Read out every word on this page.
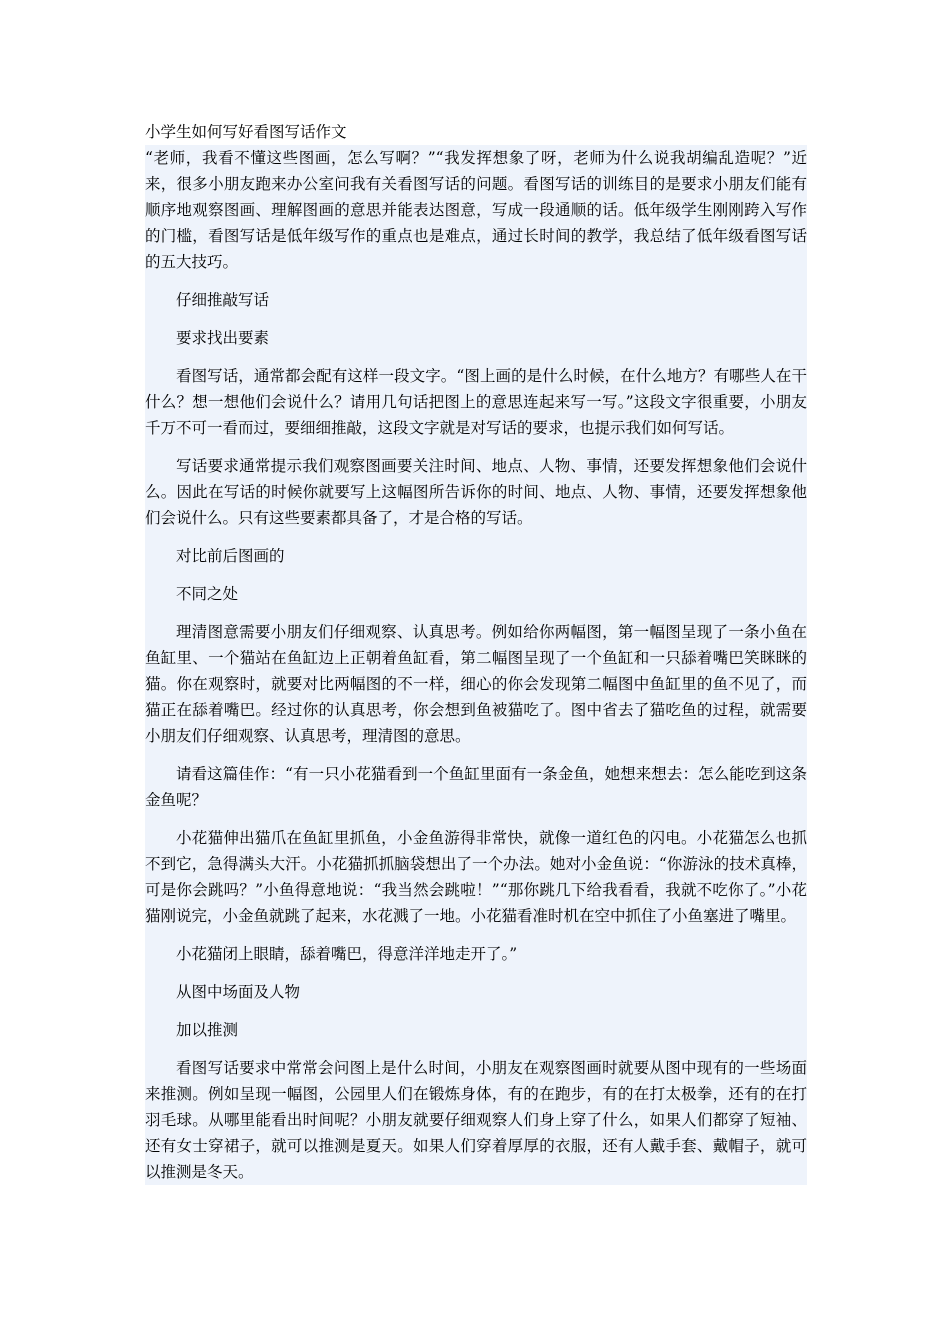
小学生如何写好看图写话作文

“老师，我看不懂这些图画，怎么写啊？”“我发挥想象了呀，老师为什么说我胡编乱造呢？”近来，很多小朋友跑来办公室问我有关看图写话的问题。看图写话的训练目的是要求小朋友们能有顺序地观察图画、理解图画的意思并能表达图意，写成一段通顺的话。低年级学生刚刚跨入写作的门槛，看图写话是低年级写作的重点也是难点，通过长时间的教学，我总结了低年级看图写话的五大技巧。

仔细推敲写话

要求找出要素

看图写话，通常都会配有这样一段文字。“图上画的是什么时候，在什么地方？有哪些人在干什么？想一想他们会说什么？请用几句话把图上的意思连起来写一写。”这段文字很重要，小朋友千万不可一看而过，要细细推敲，这段文字就是对写话的要求，也提示我们如何写话。

写话要求通常提示我们观察图画要关注时间、地点、人物、事情，还要发挥想象他们会说什么。因此在写话的时候你就要写上这幅图所告诉你的时间、地点、人物、事情，还要发挥想象他们会说什么。只有这些要素都具备了，才是合格的写话。

对比前后图画的

不同之处

理清图意需要小朋友们仔细观察、认真思考。例如给你两幅图，第一幅图呈现了一条小鱼在鱼缸里、一个猫站在鱼缸边上正朝着鱼缸看，第二幅图呈现了一个鱼缸和一只舔着嘴巴笑眯眯的猫。你在观察时，就要对比两幅图的不一样，细心的你会发现第二幅图中鱼缸里的鱼不见了，而猫正在舔着嘴巴。经过你的认真思考，你会想到鱼被猫吃了。图中省去了猫吃鱼的过程，就需要小朋友们仔细观察、认真思考，理清图的意思。

请看这篇佳作：“有一只小花猫看到一个鱼缸里面有一条金鱼，她想来想去：怎么能吃到这条金鱼呢？

小花猫伸出猫爪在鱼缸里抓鱼，小金鱼游得非常快，就像一道红色的闪电。小花猫怎么也抓不到它，急得满头大汗。小花猫抓抓脑袋想出了一个办法。她对小金鱼说：“你游泳的技术真棒，可是你会跳吗？”小鱼得意地说：“我当然会跳啦！”“那你跳几下给我看看，我就不吃你了。”小花猫刚说完，小金鱼就跳了起来，水花溅了一地。小花猫看准时机在空中抓住了小鱼塞进了嘴里。

小花猫闭上眼睛，舔着嘴巴，得意洋洋地走开了。”

从图中场面及人物

加以推测

看图写话要求中常常会问图上是什么时间，小朋友在观察图画时就要从图中现有的一些场面来推测。例如呈现一幅图，公园里人们在锻炼身体，有的在跑步，有的在打太极拳，还有的在打羽毛球。从哪里能看出时间呢？小朋友就要仔细观察人们身上穿了什么，如果人们都穿了短袖、还有女士穿裙子，就可以推测是夏天。如果人们穿着厚厚的衣服，还有人戴手套、戴帽子，就可以推测是冬天。
